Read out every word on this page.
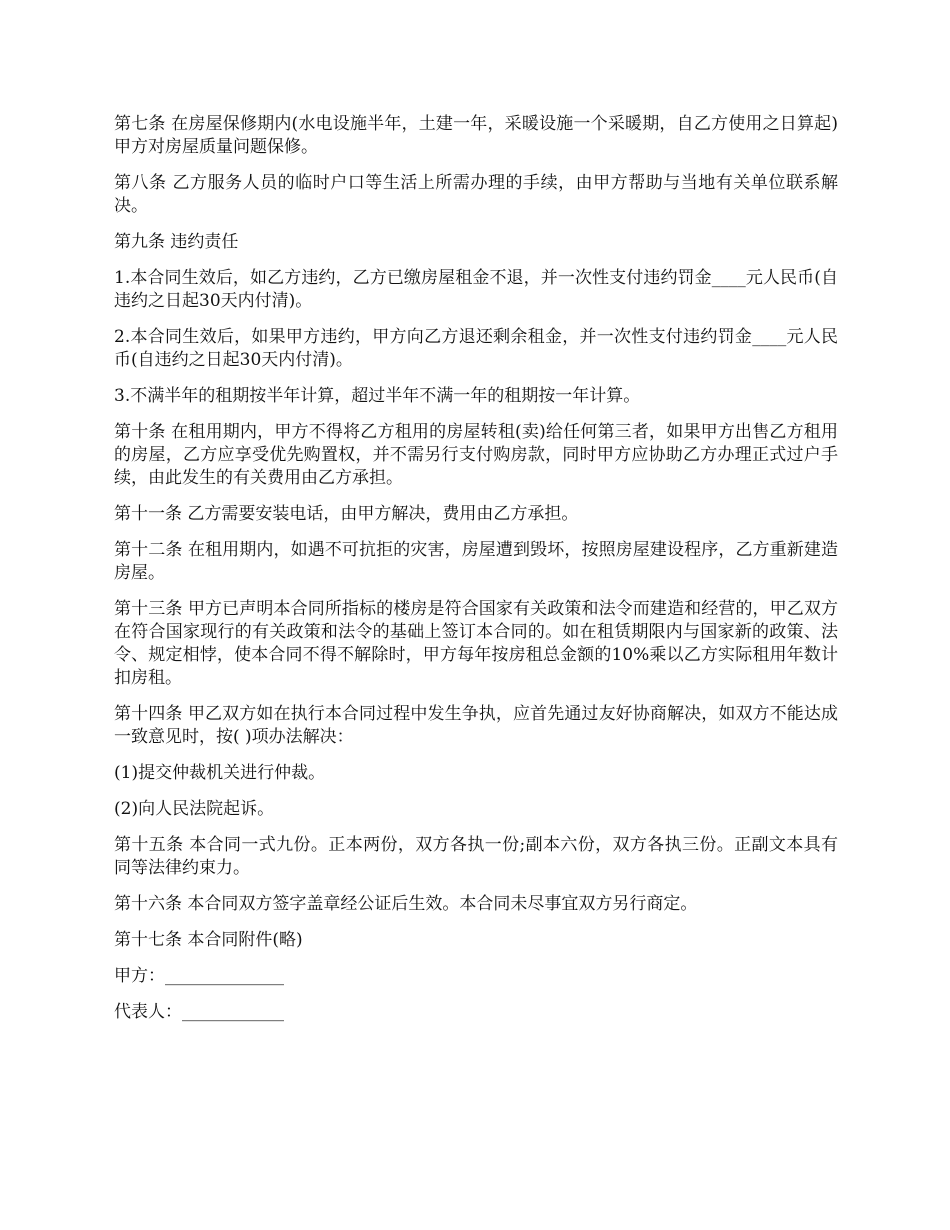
第七条 在房屋保修期内(水电设施半年，土建一年，采暖设施一个采暖期，自乙方使用之日算起)甲方对房屋质量问题保修。

第八条 乙方服务人员的临时户口等生活上所需办理的手续，由甲方帮助与当地有关单位联系解决。

第九条 违约责任

1.本合同生效后，如乙方违约，乙方已缴房屋租金不退，并一次性支付违约罚金____元人民币(自违约之日起30天内付清)。

2.本合同生效后，如果甲方违约，甲方向乙方退还剩余租金，并一次性支付违约罚金____元人民币(自违约之日起30天内付清)。

3.不满半年的租期按半年计算，超过半年不满一年的租期按一年计算。

第十条 在租用期内，甲方不得将乙方租用的房屋转租(卖)给任何第三者，如果甲方出售乙方租用的房屋，乙方应享受优先购置权，并不需另行支付购房款，同时甲方应协助乙方办理正式过户手续，由此发生的有关费用由乙方承担。

第十一条 乙方需要安装电话，由甲方解决，费用由乙方承担。

第十二条 在租用期内，如遇不可抗拒的灾害，房屋遭到毁坏，按照房屋建设程序，乙方重新建造房屋。

第十三条 甲方已声明本合同所指标的楼房是符合国家有关政策和法令而建造和经营的，甲乙双方在符合国家现行的有关政策和法令的基础上签订本合同的。如在租赁期限内与国家新的政策、法令、规定相悖，使本合同不得不解除时，甲方每年按房租总金额的10%乘以乙方实际租用年数计扣房租。

第十四条 甲乙双方如在执行本合同过程中发生争执，应首先通过友好协商解决，如双方不能达成一致意见时，按( )项办法解决：

(1)提交仲裁机关进行仲裁。

(2)向人民法院起诉。

第十五条 本合同一式九份。正本两份，双方各执一份;副本六份，双方各执三份。正副文本具有同等法律约束力。

第十六条 本合同双方签字盖章经公证后生效。本合同未尽事宜双方另行商定。

第十七条 本合同附件(略)

甲方：______________

代表人：____________
